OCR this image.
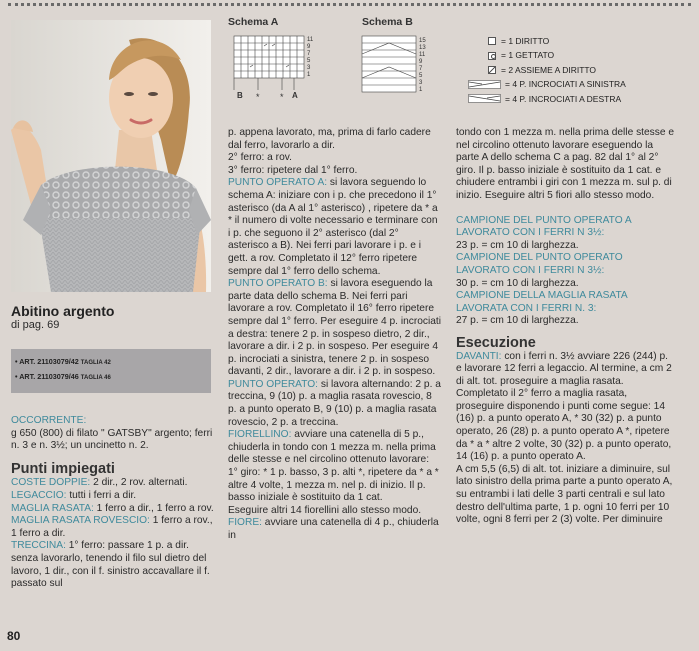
Abitino argento

di pag. 69

• ART. 21103079/42 TAGLIA 42
• ART. 21103079/46 TAGLIA 46

OCCORRENTE:
g 650 (800) di filato " GATSBY" argento; ferri n. 3 e n. 3½; un uncinetto n. 2.

Punti impiegati

COSTE DOPPIE: 2 dir., 2 rov. alternati.

LEGACCIO: tutti i ferri a dir.

MAGLIA RASATA: 1 ferro a dir., 1 ferro a rov.

MAGLIA RASATA ROVESCIO: 1 ferro a rov., 1 ferro a dir.

TRECCINA: 1° ferro: passare 1 p. a dir. senza lavorarlo, tenendo il filo sul dietro del lavoro, 1 dir., con il f. sinistro accavallare il f. passato sul

Schema A
11
9
7
5
3
1
B	A
* *
Schema B
15
13
11
9
7
5
3
1
= 1 DIRITTO
= 1 GETTATO
= 2 ASSIEME A DIRITTO
= 4 P. INCROCIATI A SINISTRA
= 4 P. INCROCIATI A DESTRA

p. appena lavorato, ma, prima di farlo cadere dal ferro, lavorarlo a dir.

2° ferro: a rov.

3° ferro: ripetere dal 1° ferro.

PUNTO OPERATO A: si lavora seguendo lo schema A: iniziare con i p. che precedono il 1° asterisco (da A al 1° asterisco) , ripetere da * a * il numero di volte necessario e terminare con i p. che seguono il 2° asterisco (dal 2° asterisco a B). Nei ferri pari lavorare i p. e i gett. a rov. Completato il 12° ferro ripetere sempre dal 1° ferro dello schema.

PUNTO OPERATO B: si lavora eseguendo la parte data dello schema B. Nei ferri pari lavorare a rov. Completato il 16° ferro ripetere sempre dal 1° ferro. Per eseguire 4 p. incrociati a destra: tenere 2 p. in sospeso dietro, 2 dir., lavorare a dir. i 2 p. in sospeso. Per eseguire 4 p. incrociati a sinistra, tenere 2 p. in sospeso davanti, 2 dir., lavorare a dir. i 2 p. in sospeso.

PUNTO OPERATO: si lavora alternando: 2 p. a treccina, 9 (10) p. a maglia rasata rovescio, 8 p. a punto operato B, 9 (10) p. a maglia rasata rovescio, 2 p. a treccina.

FIORELLINO: avviare una catenella di 5 p., chiuderla in tondo con 1 mezza m. nella prima delle stesse e nel circolino ottenuto lavorare:

1° giro: * 1 p. basso, 3 p. alti *, ripetere da * a * altre 4 volte, 1 mezza m. nel p. di inizio. Il p. basso iniziale è sostituito da 1 cat.

Eseguire altri 14 fiorellini allo stesso modo.

FIORE: avviare una catenella di 4 p., chiuderla in

tondo con 1 mezza m. nella prima delle stesse e nel circolino ottenuto lavorare eseguendo la parte A dello schema C a pag. 82 dal 1° al 2° giro. Il p. basso iniziale è sostituito da 1 cat. e chiudere entrambi i giri con 1 mezza m. sul p. di inizio. Eseguire altri 5 fiori allo stesso modo.

CAMPIONE DEL PUNTO OPERATO A LAVORATO CON I FERRI N 3½:

23 p. = cm 10 di larghezza.

CAMPIONE DEL PUNTO OPERATO LAVORATO CON I FERRI N 3½:

30 p. = cm 10 di larghezza.

CAMPIONE DELLA MAGLIA RASATA LAVORATA CON I FERRI N. 3:

27 p. = cm 10 di larghezza.

Esecuzione

DAVANTI: con i ferri n. 3½ avviare 226 (244) p. e lavorare 12 ferri a legaccio. Al termine, a cm 2 di alt. tot. proseguire a maglia rasata. Completato il 2° ferro a maglia rasata, proseguire disponendo i punti come segue: 14 (16) p. a punto operato A, * 30 (32) p. a punto operato, 26 (28) p. a punto operato A *, ripetere da * a * altre 2 volte, 30 (32) p. a punto operato, 14 (16) p. a punto operato A.

A cm 5,5 (6,5) di alt. tot. iniziare a diminuire, sul lato sinistro della prima parte a punto operato A, su entrambi i lati delle 3 parti centrali e sul lato destro dell'ultima parte, 1 p. ogni 10 ferri per 10 volte, ogni 8 ferri per 2 (3) volte. Per diminuire

80
